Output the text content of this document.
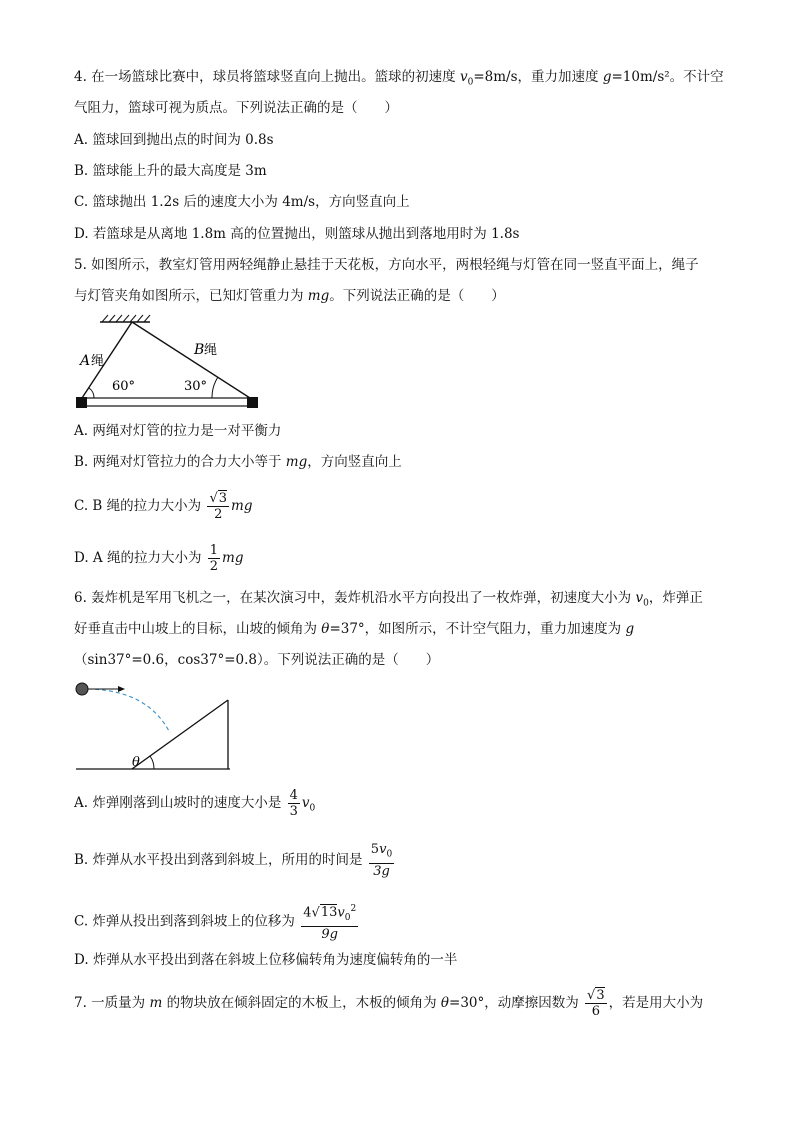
4. 在一场篮球比赛中，球员将篮球竖直向上抛出。篮球的初速度 $v_0=8m/s$，重力加速度 g=10m/s²。不计空
气阻力，篮球可视为质点。下列说法正确的是（　　）
A. 篮球回到抛出点的时间为 0.8s
B. 篮球能上升的最大高度是 3m
C. 篮球抛出 1.2s 后的速度大小为 4m/s，方向竖直向上
D. 若篮球是从离地 1.8m 高的位置抛出，则篮球从抛出到落地用时为 1.8s
5. 如图所示，教室灯管用两轻绳静止悬挂于天花板，方向水平，两根轻绳与灯管在同一竖直平面上，绳子
与灯管夹角如图所示，已知灯管重力为 mg。下列说法正确的是（　　）
A 绳
B 绳
60°	30°
A. 两绳对灯管的拉力是一对平衡力
B. 两绳对灯管拉力的合力大小等于 mg，方向竖直向上
C. B 绳的拉力大小为 $\frac{√3}{2}$ mg
D. A 绳的拉力大小为 $\frac{1}{2}$ mg
6. 轰炸机是军用飞机之一，在某次演习中，轰炸机沿水平方向投出了一枚炸弹，初速度大小为 $v_0$，炸弹正
好垂直击中山坡上的目标，山坡的倾角为 θ=37°，如图所示，不计空气阻力，重力加速度为 g
（sin37°=0.6，cos37°=0.8）。下列说法正确的是（　　）
θ
A. 炸弹刚落到山坡时的速度大小是 $\frac{4}{3} v_0$
B. 炸弹从水平投出到落到斜坡上，所用的时间是 $\frac{5v_0}{3g}$
C. 炸弹从投出到落到斜坡上的位移为 $\frac{4√13v_0^2}{9g}$
D. 炸弹从水平投出到落在斜坡上位移偏转角为速度偏转角的一半
7. 一质量为 m 的物块放在倾斜固定的木板上，木板的倾角为 θ=30°，动摩擦因数为 $\frac{√3}{6}$ ，若是用大小为
